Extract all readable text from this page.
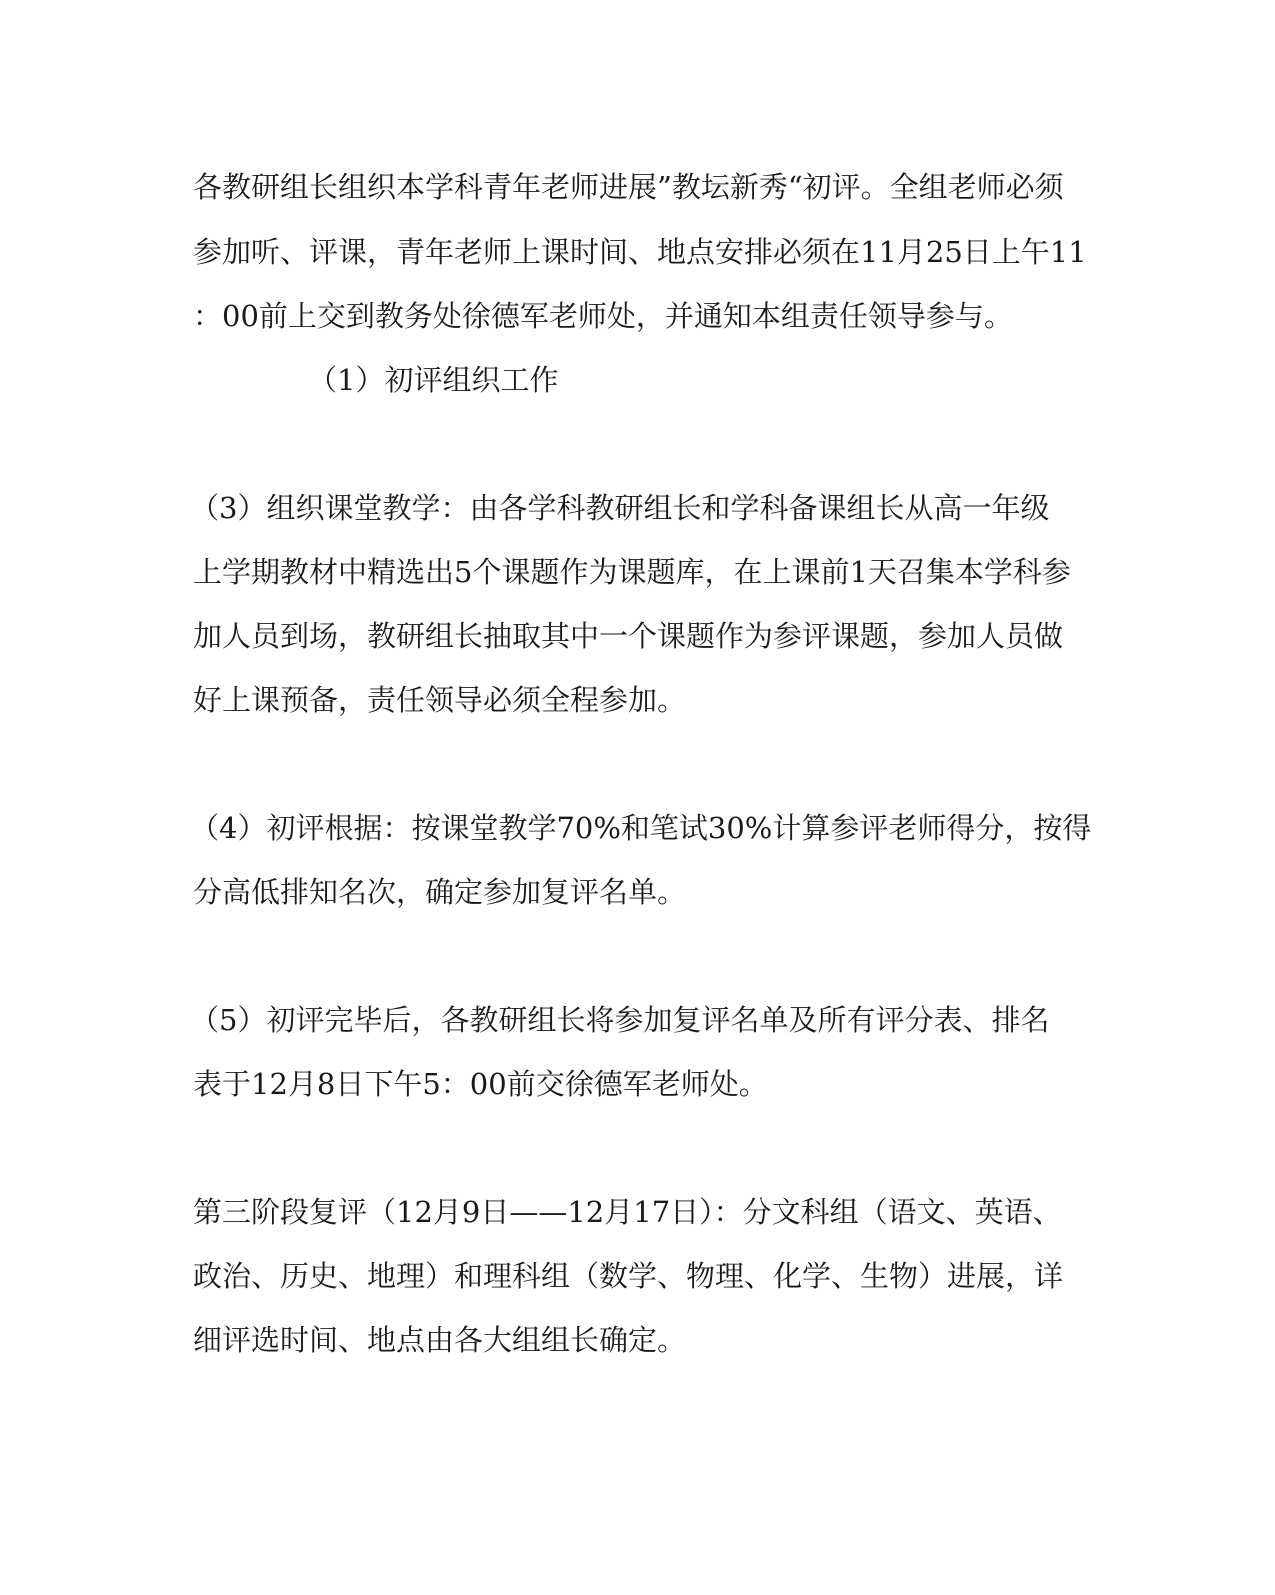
各教研组长组织本学科青年老师进展”教坛新秀“初评。全组老师必须
参加听、评课，青年老师上课时间、地点安排必须在11月25日上午11
：00前上交到教务处徐德军老师处，并通知本组责任领导参与。
（1）初评组织工作
（3）组织课堂教学：由各学科教研组长和学科备课组长从高一年级
上学期教材中精选出5个课题作为课题库，在上课前1天召集本学科参
加人员到场，教研组长抽取其中一个课题作为参评课题，参加人员做
好上课预备，责任领导必须全程参加。
（4）初评根据：按课堂教学70%和笔试30%计算参评老师得分，按得
分高低排知名次，确定参加复评名单。
（5）初评完毕后，各教研组长将参加复评名单及所有评分表、排名
表于12月8日下午5：00前交徐德军老师处。
第三阶段复评（12月9日——12月17日）：分文科组（语文、英语、
政治、历史、地理）和理科组（数学、物理、化学、生物）进展，详
细评选时间、地点由各大组组长确定。
